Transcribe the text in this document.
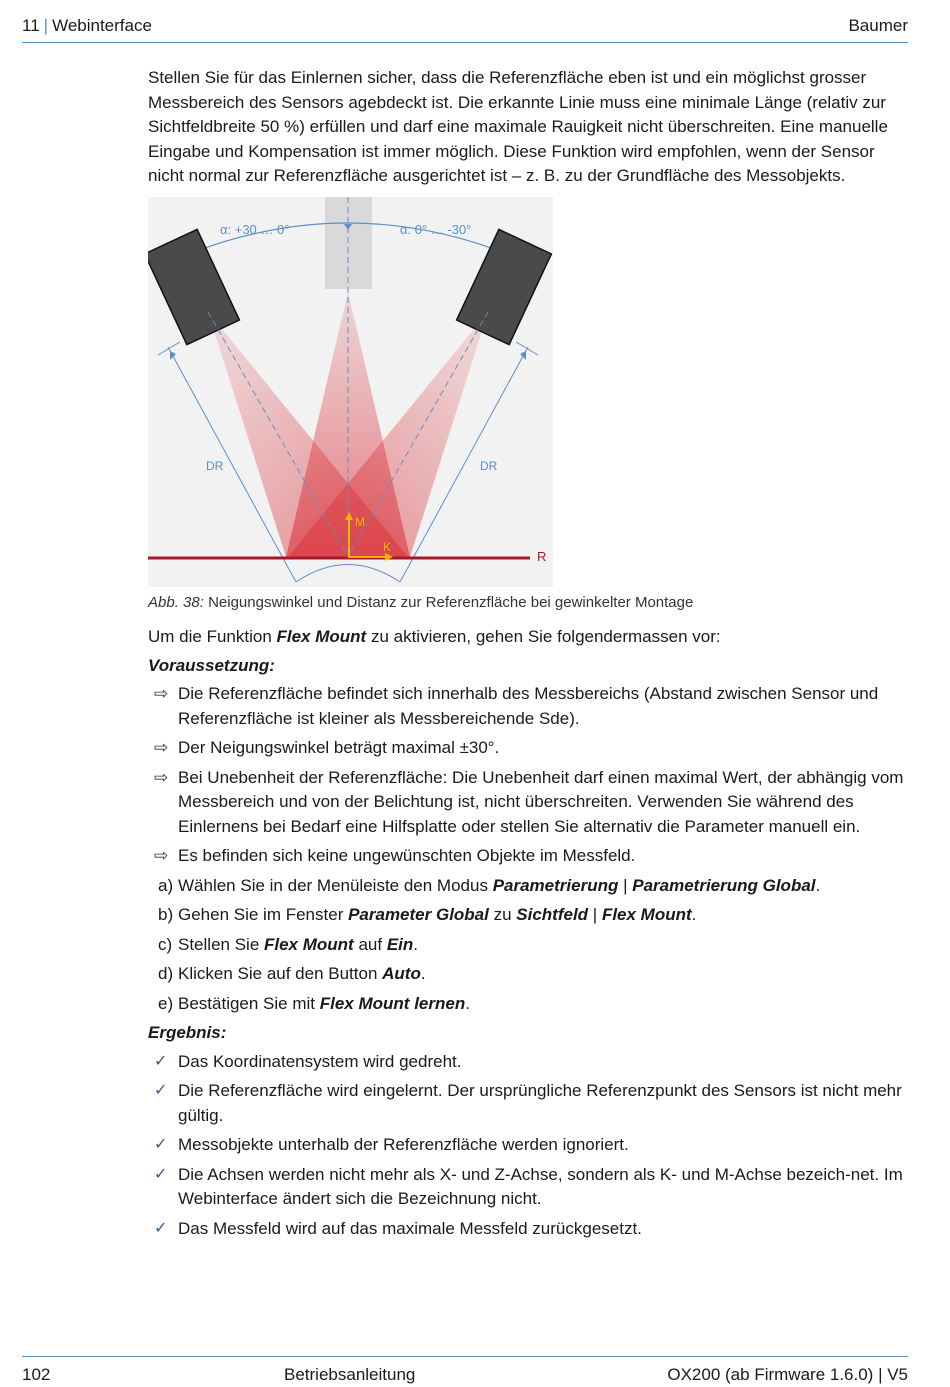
11 | Webinterface	Baumer

Stellen Sie für das Einlernen sicher, dass die Referenzfläche eben ist und ein möglichst grosser Messbereich des Sensors agebdeckt ist. Die erkannte Linie muss eine minimale Länge (relativ zur Sichtfeldbreite 50 %) erfüllen und darf eine maximale Rauigkeit nicht überschreiten. Eine manuelle Eingabe und Kompensation ist immer möglich. Diese Funktion wird empfohlen, wenn der Sensor nicht normal zur Referenzfläche ausgerichtet ist – z. B. zu der Grundfläche des Messobjekts.

α: +30 … 0°	α: 0° … -30°
DR	DR
M
K
R

Abb. 38: Neigungswinkel und Distanz zur Referenzfläche bei gewinkelter Montage

Um die Funktion Flex Mount zu aktivieren, gehen Sie folgendermassen vor:

Voraussetzung:

⇨ Die Referenzfläche befindet sich innerhalb des Messbereichs (Abstand zwischen Sensor und Referenzfläche ist kleiner als Messbereichende Sde).
⇨ Der Neigungswinkel beträgt maximal ±30°.
⇨ Bei Unebenheit der Referenzfläche: Die Unebenheit darf einen maximal Wert, der abhängig vom Messbereich und von der Belichtung ist, nicht überschreiten. Verwenden Sie während des Einlernens bei Bedarf eine Hilfsplatte oder stellen Sie alternativ die Parameter manuell ein.
⇨ Es befinden sich keine ungewünschten Objekte im Messfeld.
a) Wählen Sie in der Menüleiste den Modus Parametrierung | Parametrierung Global.
b) Gehen Sie im Fenster Parameter Global zu Sichtfeld | Flex Mount.
c) Stellen Sie Flex Mount auf Ein.
d) Klicken Sie auf den Button Auto.
e) Bestätigen Sie mit Flex Mount lernen.

Ergebnis:

✓ Das Koordinatensystem wird gedreht.
✓ Die Referenzfläche wird eingelernt. Der ursprüngliche Referenzpunkt des Sensors ist nicht mehr gültig.
✓ Messobjekte unterhalb der Referenzfläche werden ignoriert.
✓ Die Achsen werden nicht mehr als X- und Z-Achse, sondern als K- und M-Achse bezeich-net. Im Webinterface ändert sich die Bezeichnung nicht.
✓ Das Messfeld wird auf das maximale Messfeld zurückgesetzt.
102	Betriebsanleitung	OX200 (ab Firmware 1.6.0) | V5
